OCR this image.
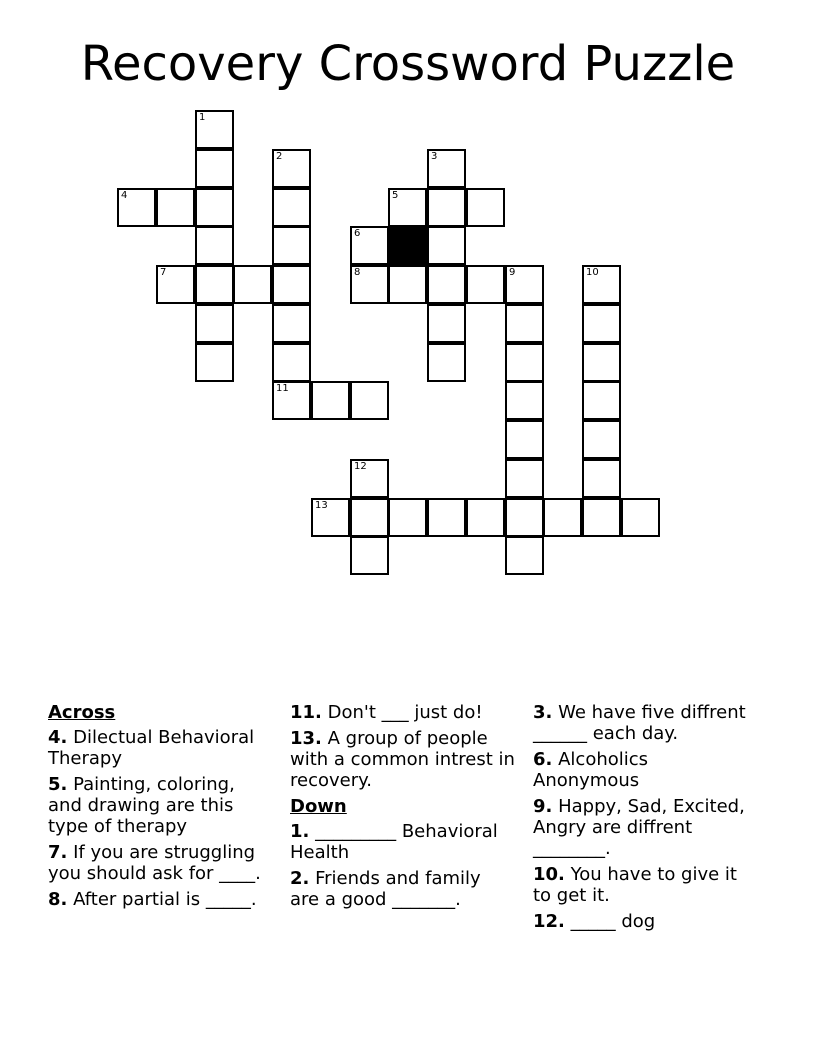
Recovery Crossword Puzzle
1
2	3
4	5
6
7	8	9	10
11
12
13
Across
4. Dilectual Behavioral Therapy
5. Painting, coloring, and drawing are this type of therapy
7. If you are struggling you should ask for ____.
8. After partial is _____.
11. Don't ___ just do!
13. A group of people with a common intrest in recovery.
Down
1. _________ Behavioral Health
2. Friends and family are a good _______.
3. We have five diffrent ______ each day.
6. Alcoholics Anonymous
9. Happy, Sad, Excited, Angry are diffrent ________.
10. You have to give it to get it.
12. _____ dog
